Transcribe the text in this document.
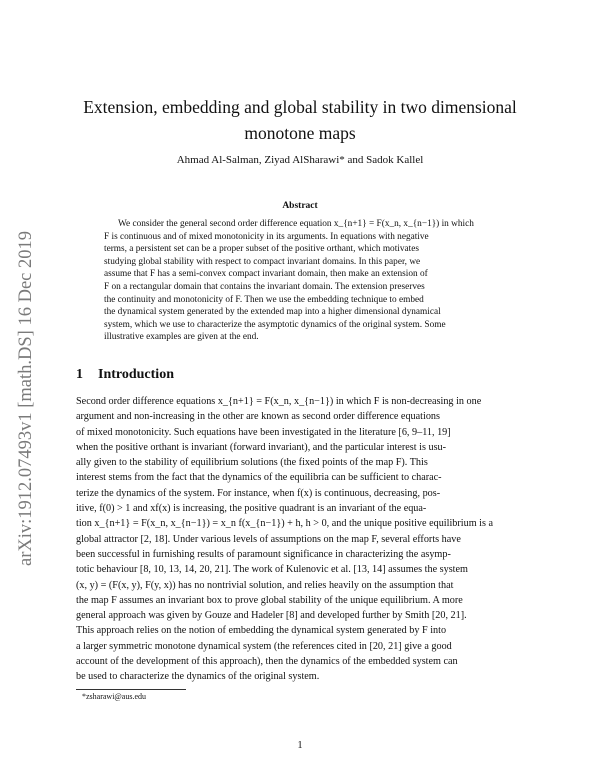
arXiv:1912.07493v1 [math.DS] 16 Dec 2019
Extension, embedding and global stability in two dimensional
monotone maps
Ahmad Al-Salman, Ziyad AlSharawi* and Sadok Kallel
Abstract
We consider the general second order difference equation x_{n+1} = F(x_n, x_{n−1}) in which
F is continuous and of mixed monotonicity in its arguments. In equations with negative
terms, a persistent set can be a proper subset of the positive orthant, which motivates
studying global stability with respect to compact invariant domains. In this paper, we
assume that F has a semi-convex compact invariant domain, then make an extension of
F on a rectangular domain that contains the invariant domain. The extension preserves
the continuity and monotonicity of F. Then we use the embedding technique to embed
the dynamical system generated by the extended map into a higher dimensional dynamical
system, which we use to characterize the asymptotic dynamics of the original system. Some
illustrative examples are given at the end.
1 Introduction
Second order difference equations x_{n+1} = F(x_n, x_{n−1}) in which F is non-decreasing in one
argument and non-increasing in the other are known as second order difference equations
of mixed monotonicity. Such equations have been investigated in the literature [6, 9–11, 19]
when the positive orthant is invariant (forward invariant), and the particular interest is usu-
ally given to the stability of equilibrium solutions (the fixed points of the map F). This
interest stems from the fact that the dynamics of the equilibria can be sufficient to charac-
terize the dynamics of the system. For instance, when f(x) is continuous, decreasing, pos-
itive, f(0) > 1 and xf(x) is increasing, the positive quadrant is an invariant of the equa-
tion x_{n+1} = F(x_n, x_{n−1}) = x_n f(x_{n−1}) + h, h > 0, and the unique positive equilibrium is a
global attractor [2, 18]. Under various levels of assumptions on the map F, several efforts have
been successful in furnishing results of paramount significance in characterizing the asymp-
totic behaviour [8, 10, 13, 14, 20, 21]. The work of Kulenovic et al. [13, 14] assumes the system
(x, y) = (F(x, y), F(y, x)) has no nontrivial solution, and relies heavily on the assumption that
the map F assumes an invariant box to prove global stability of the unique equilibrium. A more
general approach was given by Gouze and Hadeler [8] and developed further by Smith [20, 21].
This approach relies on the notion of embedding the dynamical system generated by F into
a larger symmetric monotone dynamical system (the references cited in [20, 21] give a good
account of the development of this approach), then the dynamics of the embedded system can
be used to characterize the dynamics of the original system.
*zsharawi@aus.edu
1
